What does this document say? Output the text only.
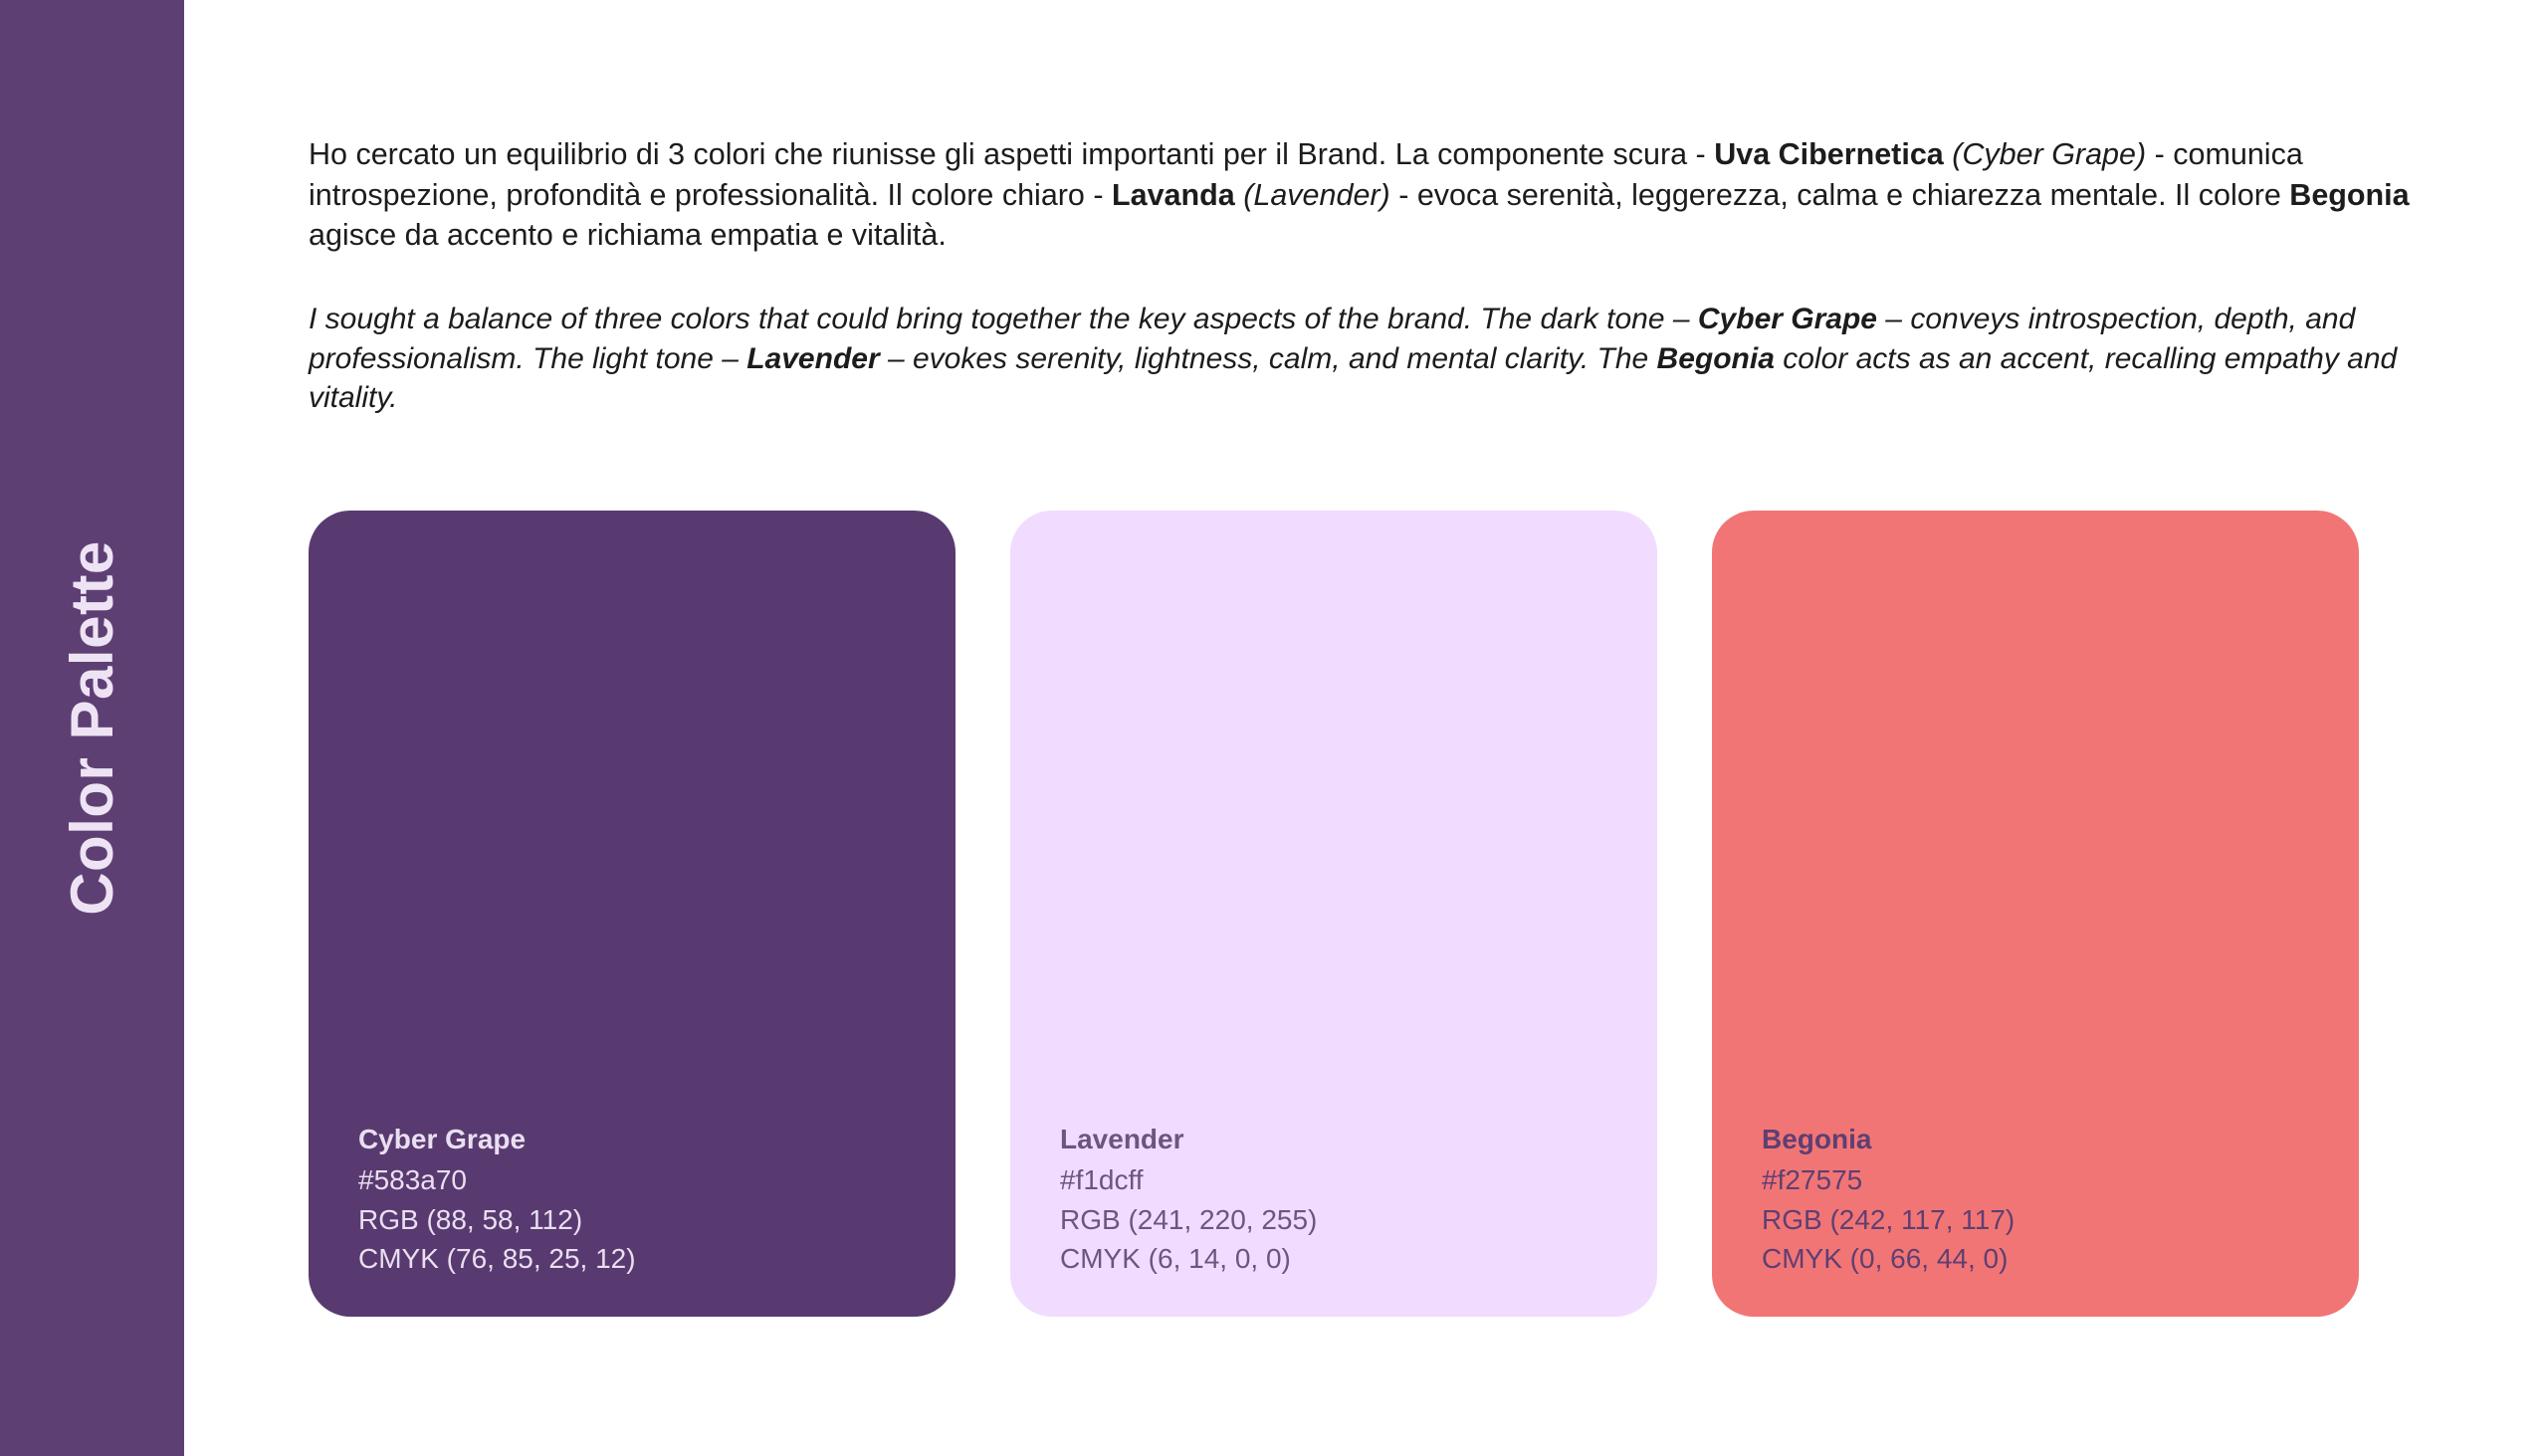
Color Palette

Ho cercato un equilibrio di 3 colori che riunisse gli aspetti importanti per il Brand. La componente scura - Uva Cibernetica (Cyber Grape) - comunica introspezione, profondità e professionalità. Il colore chiaro - Lavanda (Lavender) - evoca serenità, leggerezza, calma e chiarezza mentale. Il colore Begonia agisce da accento e richiama empatia e vitalità.

I sought a balance of three colors that could bring together the key aspects of the brand. The dark tone – Cyber Grape – conveys introspection, depth, and professionalism. The light tone – Lavender – evokes serenity, lightness, calm, and mental clarity. The Begonia color acts as an accent, recalling empathy and vitality.

Cyber Grape

#583a70

RGB (88, 58, 112)

CMYK (76, 85, 25, 12)

Lavender

#f1dcff

RGB (241, 220, 255)

CMYK (6, 14, 0, 0)

Begonia

#f27575

RGB (242, 117, 117)

CMYK (0, 66, 44, 0)
